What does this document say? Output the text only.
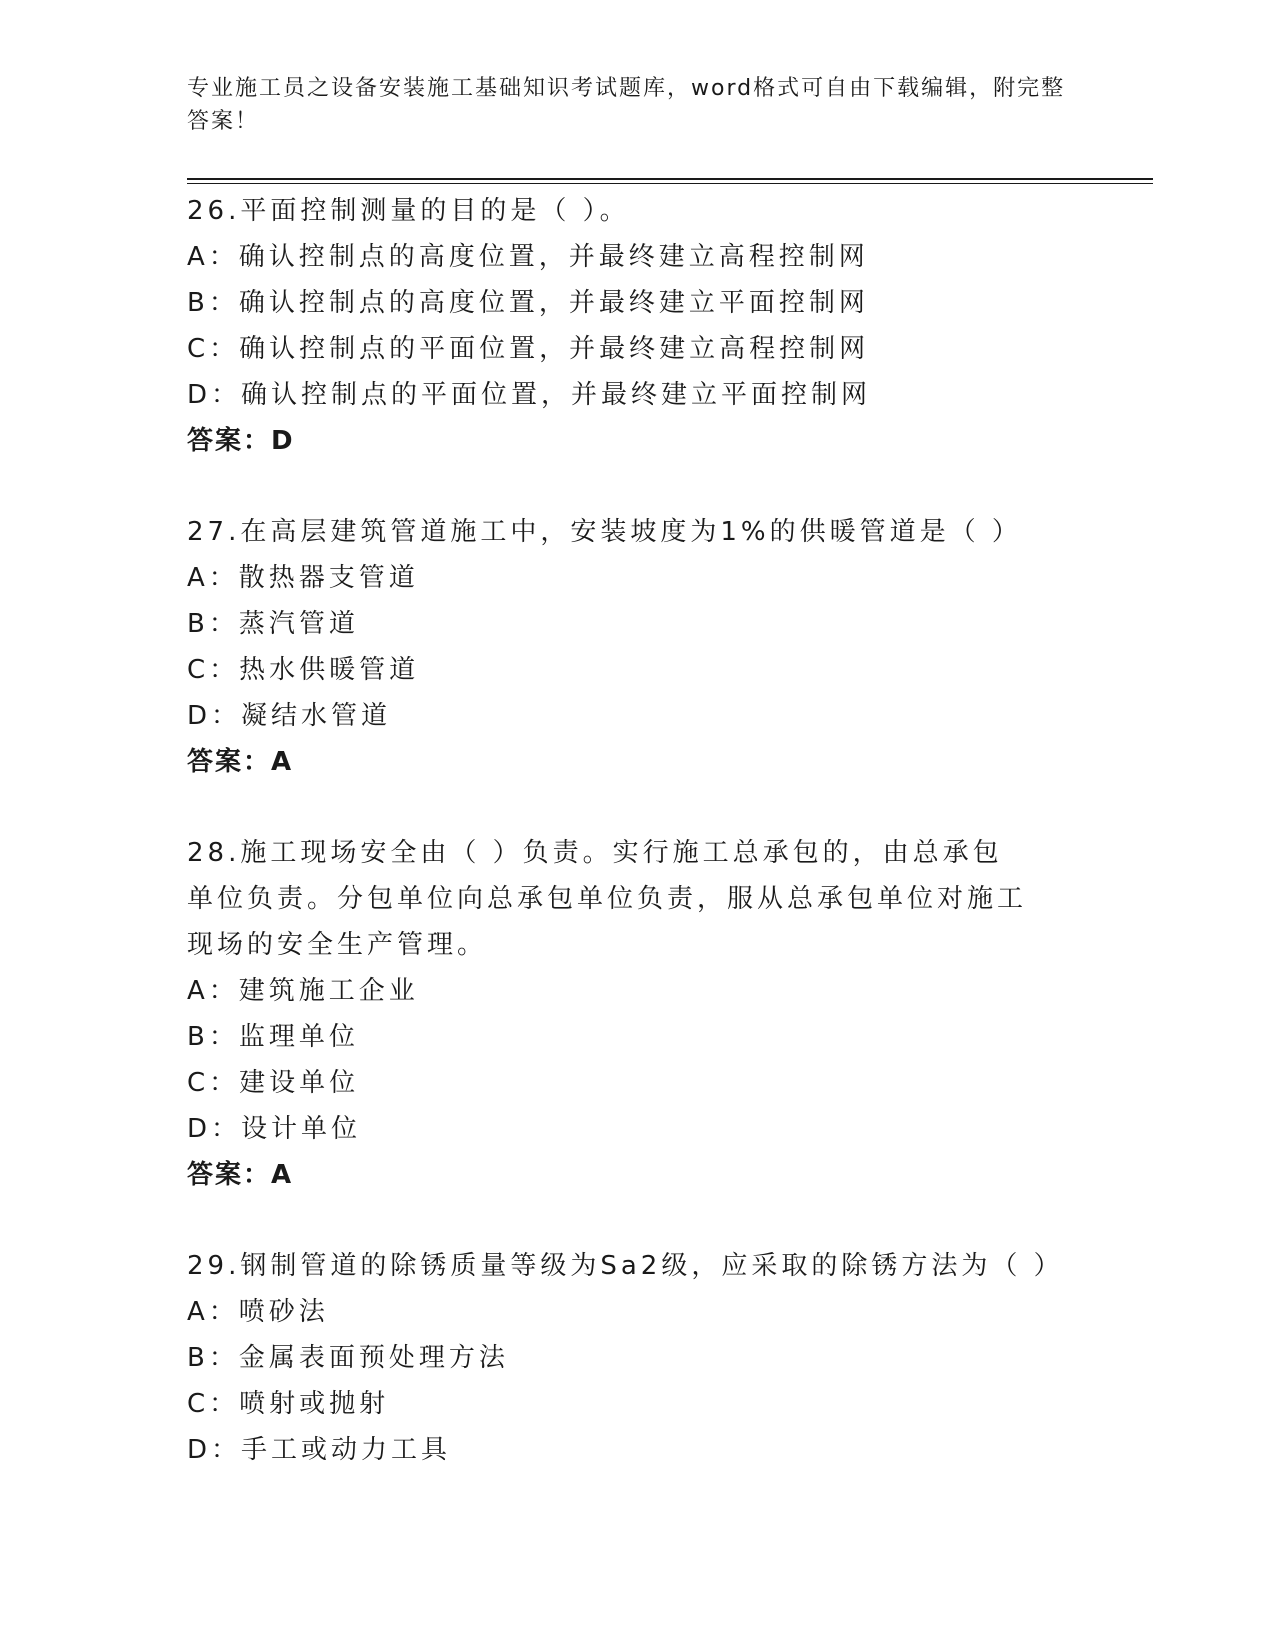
专业施工员之设备安装施工基础知识考试题库，word格式可自由下载编辑，附完整答案！
26.平面控制测量的目的是（ ）。
A：确认控制点的高度位置，并最终建立高程控制网
B：确认控制点的高度位置，并最终建立平面控制网
C：确认控制点的平面位置，并最终建立高程控制网
D：确认控制点的平面位置，并最终建立平面控制网
答案：D
27.在高层建筑管道施工中，安装坡度为1%的供暖管道是（ ）
A：散热器支管道
B：蒸汽管道
C：热水供暖管道
D：凝结水管道
答案：A
28.施工现场安全由（ ）负责。实行施工总承包的，由总承包单位负责。分包单位向总承包单位负责，服从总承包单位对施工现场的安全生产管理。
A：建筑施工企业
B：监理单位
C：建设单位
D：设计单位
答案：A
29.钢制管道的除锈质量等级为Sa2级，应采取的除锈方法为（ ）
A：喷砂法
B：金属表面预处理方法
C：喷射或抛射
D：手工或动力工具
